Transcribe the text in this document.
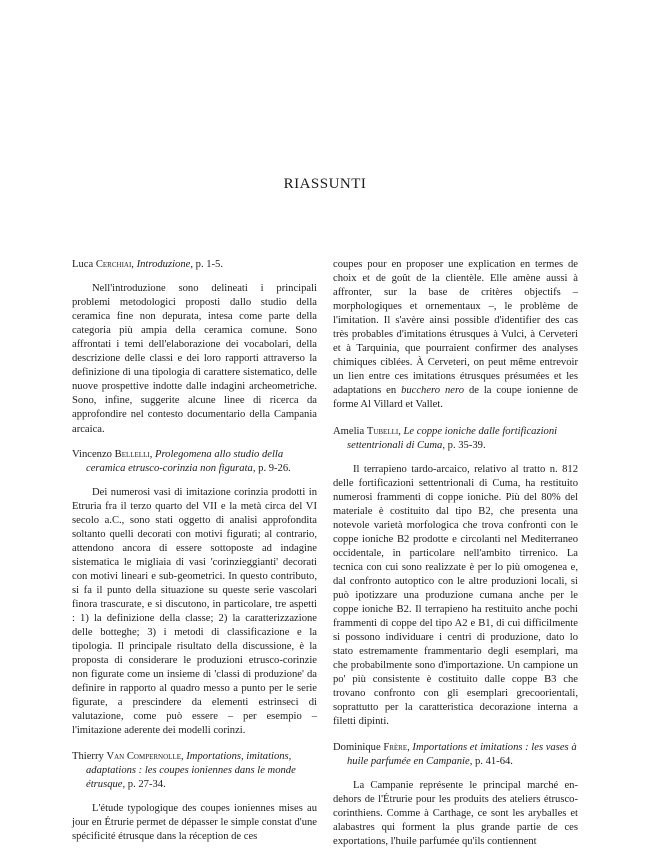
RIASSUNTI
Luca Cerchiai, Introduzione, p. 1-5.

Nell'introduzione sono delineati i principali problemi metodologici proposti dallo studio della ceramica fine non depurata, intesa come parte della categoria più ampia della ceramica comune. Sono affrontati i temi dell'elaborazione dei vocabolari, della descrizione delle classi e dei loro rapporti attraverso la definizione di una tipologia di carattere sistematico, delle nuove prospettive indotte dalle indagini archeometriche. Sono, infine, suggerite alcune linee di ricerca da approfondire nel contesto documentario della Campania arcaica.

Vincenzo Bellelli, Prolegomena allo studio della ceramica etrusco-corinzia non figurata, p. 9-26.

Dei numerosi vasi di imitazione corinzia prodotti in Etruria fra il terzo quarto del VII e la metà circa del VI secolo a.C., sono stati oggetto di analisi approfondita soltanto quelli decorati con motivi figurati; al contrario, attendono ancora di essere sottoposte ad indagine sistematica le migliaia di vasi 'corinzieggianti' decorati con motivi lineari e sub-geometrici. In questo contributo, si fa il punto della situazione su queste serie vascolari finora trascurate, e si discutono, in particolare, tre aspetti : 1) la definizione della classe; 2) la caratterizzazione delle botteghe; 3) i metodi di classificazione e la tipologia. Il principale risultato della discussione, è la proposta di considerare le produzioni etrusco-corinzie non figurate come un insieme di 'classi di produzione' da definire in rapporto al quadro messo a punto per le serie figurate, a prescindere da elementi estrinseci di valutazione, come può essere – per esempio – l'imitazione aderente dei modelli corinzi.

Thierry Van Compernolle, Importations, imitations, adaptations : les coupes ioniennes dans le monde étrusque, p. 27-34.

L'étude typologique des coupes ioniennes mises au jour en Étrurie permet de dépasser le simple constat d'une spécificité étrusque dans la réception de ces

coupes pour en proposer une explication en termes de choix et de goût de la clientèle. Elle amène aussi à affronter, sur la base de critères objectifs – morphologiques et ornementaux –, le problème de l'imitation. Il s'avère ainsi possible d'identifier des cas très probables d'imitations étrusques à Vulci, à Cerveteri et à Tarquinia, que pourraient confirmer des analyses chimiques ciblées. À Cerveteri, on peut même entrevoir un lien entre ces imitations étrusques présumées et les adaptations en bucchero nero de la coupe ionienne de forme Al Villard et Vallet.

Amelia Tubelli, Le coppe ioniche dalle fortificazioni settentrionali di Cuma, p. 35-39.

Il terrapieno tardo-arcaico, relativo al tratto n. 812 delle fortificazioni settentrionali di Cuma, ha restituito numerosi frammenti di coppe ioniche. Più del 80% del materiale è costituito dal tipo B2, che presenta una notevole varietà morfologica che trova confronti con le coppe ioniche B2 prodotte e circolanti nel Mediterraneo occidentale, in particolare nell'ambito tirrenico. La tecnica con cui sono realizzate è per lo più omogenea e, dal confronto autoptico con le altre produzioni locali, si può ipotizzare una produzione cumana anche per le coppe ioniche B2. Il terrapieno ha restituito anche pochi frammenti di coppe del tipo A2 e B1, di cui difficilmente si possono individuare i centri di produzione, dato lo stato estremamente frammentario degli esemplari, ma che probabilmente sono d'importazione. Un campione un po' più consistente è costituito dalle coppe B3 che trovano confronto con gli esemplari grecoorientali, soprattutto per la caratteristica decorazione interna a filetti dipinti.

Dominique Frère, Importations et imitations : les vases à huile parfumée en Campanie, p. 41-64.

La Campanie représente le principal marché en-dehors de l'Étrurie pour les produits des ateliers étrusco-corinthiens. Comme à Carthage, ce sont les aryballes et alabastres qui forment la plus grande partie de ces exportations, l'huile parfumée qu'ils contiennent
